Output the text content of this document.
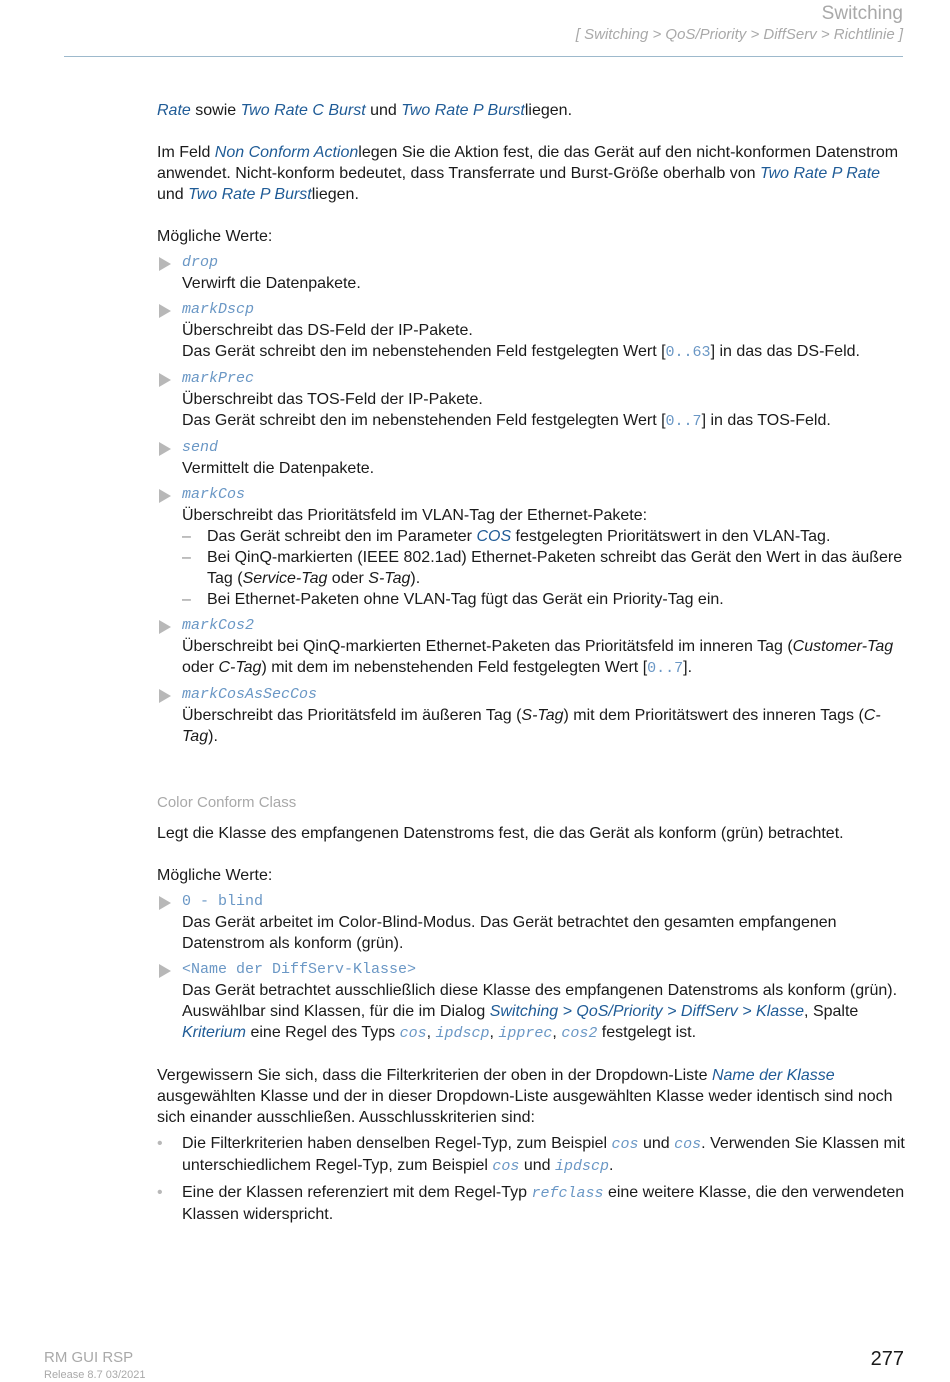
Switching
[ Switching > QoS/Priority > DiffServ > Richtlinie ]

Rate sowie Two Rate C Burst und Two Rate P Burstliegen.

Im Feld Non Conform Actionlegen Sie die Aktion fest, die das Gerät auf den nicht-konformen Datenstrom anwendet. Nicht-konform bedeutet, dass Transferrate und Burst-Größe oberhalb von Two Rate P Rate und Two Rate P Burstliegen.

Mögliche Werte:

drop
Verwirft die Datenpakete.
markDscp
Überschreibt das DS-Feld der IP-Pakete.
Das Gerät schreibt den im nebenstehenden Feld festgelegten Wert [0..63] in das das DS-Feld.
markPrec
Überschreibt das TOS-Feld der IP-Pakete.
Das Gerät schreibt den im nebenstehenden Feld festgelegten Wert [0..7] in das TOS-Feld.
send
Vermittelt die Datenpakete.
markCos
Überschreibt das Prioritätsfeld im VLAN-Tag der Ethernet-Pakete:
– Das Gerät schreibt den im Parameter COS festgelegten Prioritätswert in den VLAN-Tag.
– Bei QinQ-markierten (IEEE 802.1ad) Ethernet-Paketen schreibt das Gerät den Wert in das äußere Tag (Service-Tag oder S-Tag).
– Bei Ethernet-Paketen ohne VLAN-Tag fügt das Gerät ein Priority-Tag ein.
markCos2
Überschreibt bei QinQ-markierten Ethernet-Paketen das Prioritätsfeld im inneren Tag (Customer-Tag oder C-Tag) mit dem im nebenstehenden Feld festgelegten Wert [0..7].
markCosAsSecCos
Überschreibt das Prioritätsfeld im äußeren Tag (S-Tag) mit dem Prioritätswert des inneren Tags (C-Tag).

Color Conform Class

Legt die Klasse des empfangenen Datenstroms fest, die das Gerät als konform (grün) betrachtet.

Mögliche Werte:

0 - blind
Das Gerät arbeitet im Color-Blind-Modus. Das Gerät betrachtet den gesamten empfangenen Datenstrom als konform (grün).
<Name der DiffServ-Klasse>
Das Gerät betrachtet ausschließlich diese Klasse des empfangenen Datenstroms als konform (grün).
Auswählbar sind Klassen, für die im Dialog Switching > QoS/Priority > DiffServ > Klasse, Spalte Kriterium eine Regel des Typs cos, ipdscp, ipprec, cos2 festgelegt ist.

Vergewissern Sie sich, dass die Filterkriterien der oben in der Dropdown-Liste Name der Klasse ausgewählten Klasse und der in dieser Dropdown-Liste ausgewählten Klasse weder identisch sind noch sich einander ausschließen. Ausschlusskriterien sind:

• Die Filterkriterien haben denselben Regel-Typ, zum Beispiel cos und cos. Verwenden Sie Klassen mit unterschiedlichem Regel-Typ, zum Beispiel cos und ipdscp.
• Eine der Klassen referenziert mit dem Regel-Typ refclass eine weitere Klasse, die den verwendeten Klassen widerspricht.
RM GUI RSP
Release 8.7 03/2021
277
